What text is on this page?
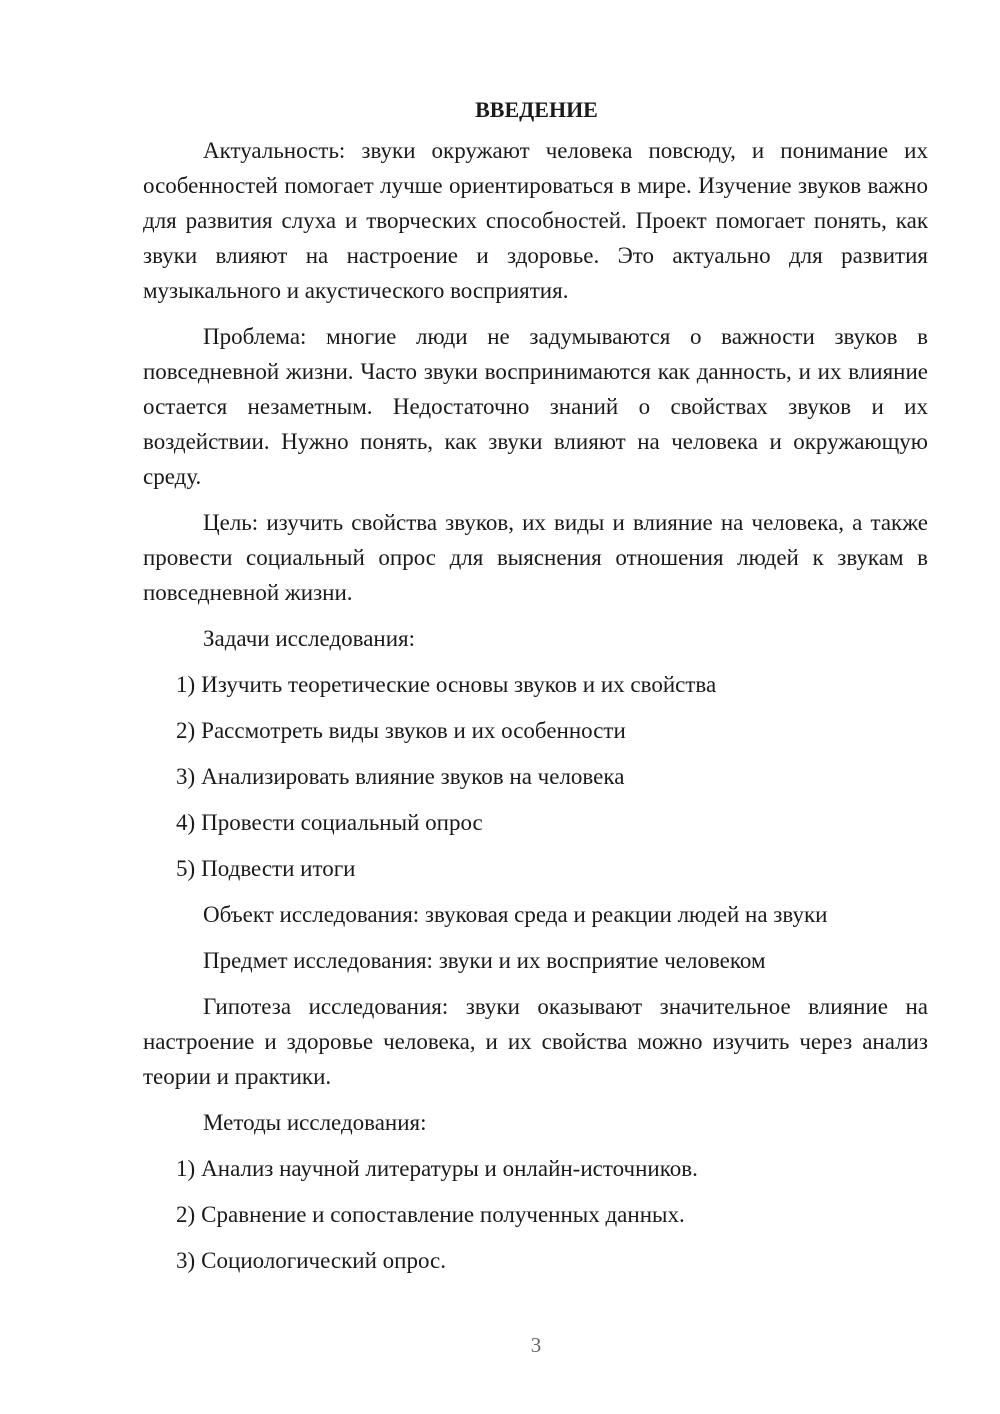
ВВЕДЕНИЕ

Актуальность: звуки окружают человека повсюду, и понимание их особенностей помогает лучше ориентироваться в мире. Изучение звуков важно для развития слуха и творческих способностей. Проект помогает понять, как звуки влияют на настроение и здоровье. Это актуально для развития музыкального и акустического восприятия.

Проблема: многие люди не задумываются о важности звуков в повседневной жизни. Часто звуки воспринимаются как данность, и их влияние остается незаметным. Недостаточно знаний о свойствах звуков и их воздействии. Нужно понять, как звуки влияют на человека и окружающую среду.

Цель: изучить свойства звуков, их виды и влияние на человека, а также провести социальный опрос для выяснения отношения людей к звукам в повседневной жизни.

Задачи исследования:

1) Изучить теоретические основы звуков и их свойства
2) Рассмотреть виды звуков и их особенности
3) Анализировать влияние звуков на человека
4) Провести социальный опрос
5) Подвести итоги

Объект исследования: звуковая среда и реакции людей на звуки

Предмет исследования: звуки и их восприятие человеком

Гипотеза исследования: звуки оказывают значительное влияние на настроение и здоровье человека, и их свойства можно изучить через анализ теории и практики.

Методы исследования:

1) Анализ научной литературы и онлайн-источников.
2) Сравнение и сопоставление полученных данных.
3) Социологический опрос.
3
